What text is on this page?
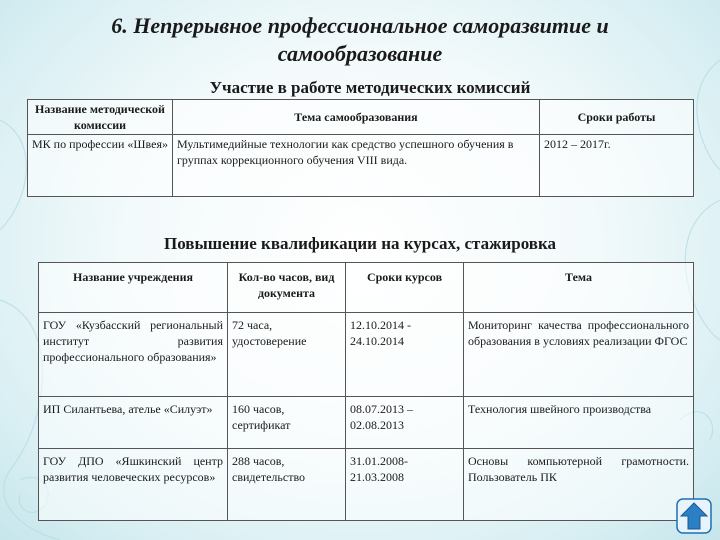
6. Непрерывное профессиональное саморазвитие и самообразование
Участие в работе методических комиссий
Название методической комиссии	Тема самообразования	Сроки работы
МК по профессии «Швея»	Мультимедийные технологии как средство успешного обучения в группах коррекционного обучения VIII вида.	2012 – 2017г.
Повышение квалификации на курсах, стажировка
Название учреждения	Кол-во часов, вид документа	Сроки курсов	Тема
ГОУ «Кузбасский региональный институт развития профессионального образования»	72 часа, удостоверение	12.10.2014 - 24.10.2014	Мониторинг качества профессионального образования в условиях реализации ФГОС
ИП Силантьева, ателье «Силуэт»	160 часов, сертификат	08.07.2013 – 02.08.2013	Технология швейного производства
ГОУ ДПО «Яшкинский центр развития человеческих ресурсов»	288 часов, свидетельство	31.01.2008- 21.03.2008	Основы компьютерной грамотности. Пользователь ПК
